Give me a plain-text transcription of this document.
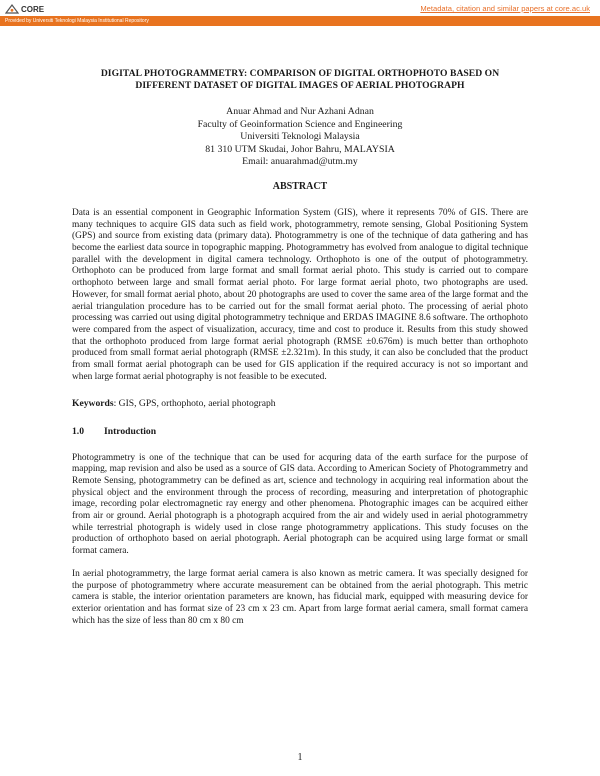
CORE	Metadata, citation and similar papers at core.ac.uk
Provided by Universiti Teknologi Malaysia Institutional Repository
DIGITAL PHOTOGRAMMETRY: COMPARISON OF DIGITAL ORTHOPHOTO BASED ON
DIFFERENT DATASET OF DIGITAL IMAGES OF AERIAL PHOTOGRAPH
Anuar Ahmad and Nur Azhani Adnan
Faculty of Geoinformation Science and Engineering
Universiti Teknologi Malaysia
81 310 UTM Skudai, Johor Bahru, MALAYSIA
Email: anuarahmad@utm.my
ABSTRACT

Data is an essential component in Geographic Information System (GIS), where it represents 70% of GIS. There are many techniques to acquire GIS data such as field work, photogrammetry, remote sensing, Global Positioning System (GPS) and source from existing data (primary data). Photogrammetry is one of the technique of data gathering and has become the earliest data source in topographic mapping. Photogrammetry has evolved from analogue to digital technique parallel with the development in digital camera technology. Orthophoto is one of the output of photogrammetry. Orthophoto can be produced from large format and small format aerial photo. This study is carried out to compare orthophoto between large and small format aerial photo. For large format aerial photo, two photographs are used. However, for small format aerial photo, about 20 photographs are used to cover the same area of the large format and the aerial triangulation procedure has to be carried out for the small format aerial photo. The processing of aerial photo processing was carried out using digital photogrammetry technique and ERDAS IMAGINE 8.6 software. The orthophoto were compared from the aspect of visualization, accuracy, time and cost to produce it. Results from this study showed that the orthophoto produced from large format aerial photograph (RMSE ±0.676m) is much better than orthophoto produced from small format aerial photograph (RMSE ±2.321m). In this study, it can also be concluded that the product from small format aerial photograph can be used for GIS application if the required accuracy is not so important and when large format aerial photography is not feasible to be executed.

Keywords: GIS, GPS, orthophoto, aerial photograph
1.0	Introduction

Photogrammetry is one of the technique that can be used for acquring data of the earth surface for the purpose of mapping, map revision and also be used as a source of GIS data. According to American Society of Photogrammetry and Remote Sensing, photogrammetry can be defined as art, science and technology in acquiring real information about the physical object and the environment through the process of recording, measuring and interpretation of photographic image, recording polar electromagnetic ray energy and other phenomena. Photographic images can be acquired either from air or ground. Aerial photograph is a photograph acquired from the air and widely used in aerial photogrammetry while terrestrial photograph is widely used in close range photogrammetry applications. This study focuses on the production of orthophoto based on aerial photograph. Aerial photograph can be acquired using large format or small format camera.

In aerial photogrammetry, the large format aerial camera is also known as metric camera. It was specially designed for the purpose of photogrammetry where accurate measurement can be obtained from the aerial photograph. This metric camera is stable, the interior orientation parameters are known, has fiducial mark, equipped with measuring device for exterior orientation and has format size of 23 cm x 23 cm. Apart from large format aerial camera, small format camera which has the size of less than 80 cm x 80 cm

1
